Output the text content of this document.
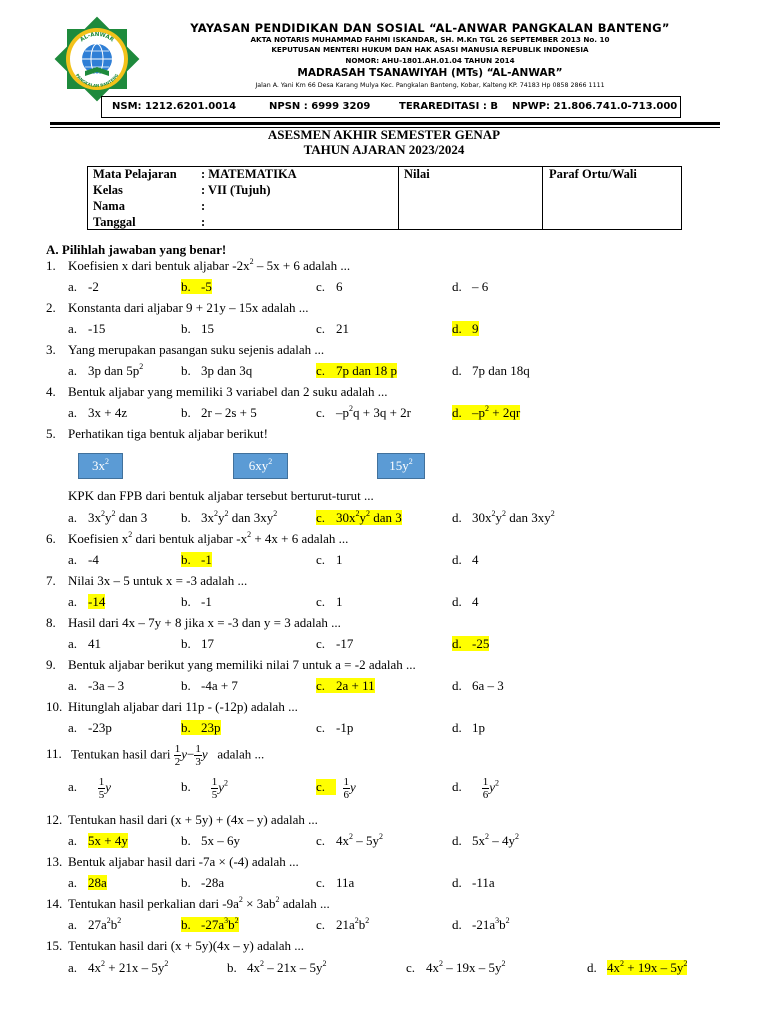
AL-ANWAR
PANGKALAN BANTENG
YAYASAN PENDIDIKAN DAN SOSIAL “AL-ANWAR PANGKALAN BANTENG”
AKTA NOTARIS MUHAMMAD FAHMI ISKANDAR, SH. M.Kn TGL 26 SEPTEMBER 2013 No. 10
KEPUTUSAN MENTERI HUKUM DAN HAK ASASI MANUSIA REPUBLIK INDONESIA
NOMOR: AHU-1801.AH.01.04 TAHUN 2014
MADRASAH TSANAWIYAH (MTs) “AL-ANWAR”
Jalan A. Yani Km 66 Desa Karang Mulya Kec. Pangkalan Banteng, Kobar, Kalteng KP. 74183 Hp 0858 2866 1111
NSM: 1212.6201.0014	NPSN : 6999 3209	TERAREDITASI : B NPWP: 21.806.741.0-713.000
ASESMEN AKHIR SEMESTER GENAP
TAHUN AJARAN 2023/2024
Mata Pelajaran : MATEMATIKA
Kelas	: VII (Tujuh)
Nama	:
Tanggal	:

Nilai	Paraf Ortu/Wali
A. Pilihlah jawaban yang benar!
1. Koefisien x dari bentuk aljabar $-2x^2 - 5x + 6$ adalah ...
a. -2	b. -5	c. 6	d. – 6
2. Konstanta dari aljabar 9 + 21y – 15x adalah ...
a. -15	b. 15	c. 21	d. 9
3. Yang merupakan pasangan suku sejenis adalah ...
a. 3p dan $5p^2$	b. 3p dan 3q	c. 7p dan 18 p	d. 7p dan 18q
4. Bentuk aljabar yang memiliki 3 variabel dan 2 suku adalah ...
a. 3x + 4z	b. 2r – 2s + 5	c. $-p^2q + 3q + 2r$	d. $-p^2 + 2qr$
5. Perhatikan tiga bentuk aljabar berikut!
$3x^2$	$6xy^2$	$15y^2$
KPK dan FPB dari bentuk aljabar tersebut berturut-turut ...
a. $3x^2y^2$ dan 3	b. $3x^2y^2$ dan $3xy^2$	c. $30x^2y^2$ dan 3	d. $30x^2y^2$ dan $3xy^2$
6. Koefisien $x^2$ dari bentuk aljabar $-x^2 + 4x + 6$ adalah ...
a. -4	b. -1	c. 1	d. 4
7. Nilai 3x – 5 untuk x = -3 adalah ...
a. -14	b. -1	c. 1	d. 4
8. Hasil dari 4x – 7y + 8 jika x = -3 dan y = 3 adalah ...
a. 41	b. 17	c. -17	d. -25
9. Bentuk aljabar berikut yang memiliki nilai 7 untuk a = -2 adalah ...
a. -3a – 3	b. -4a + 7	c. 2a + 11	d. 6a – 3
10. Hitunglah aljabar dari 11p - (-12p) adalah ...
a. -23p	b. 23p	c. -1p	d. 1p
11. Tentukan hasil dari $\frac{1}{2} y- \frac{1}{3}$ y adalah ...
a. $\frac{1}{5}$ y	b. $\frac{1}{5} y^2$	c. $\frac{1}{6}$ y	d. $\frac{1}{6} y^2$
12. Tentukan hasil dari (x + 5y) + (4x – y) adalah ...
a. 5x + 4y	b. 5x – 6y	c. $4x^2 - 5y^2$	d. $5x^2 - 4y^2$
13. Bentuk aljabar hasil dari -7a × (-4) adalah ...
a. 28a	b. -28a	c. 11a	d. -11a
14. Tentukan hasil perkalian dari $-9a^2 \times 3ab^2$ adalah ...
a. $27a^2b^2$	b. $-27a^3b^2$	c. $21a^2b^2$	d. $-21a^3b^2$
15. Tentukan hasil dari (x + 5y)(4x – y) adalah ...
a. $4x^2 + 21x - 5y^2$	b. $4x^2 - 21x - 5y^2$	c. $4x^2 - 19x - 5y^2$	d. $4x^2 + 19x - 5y^2$
